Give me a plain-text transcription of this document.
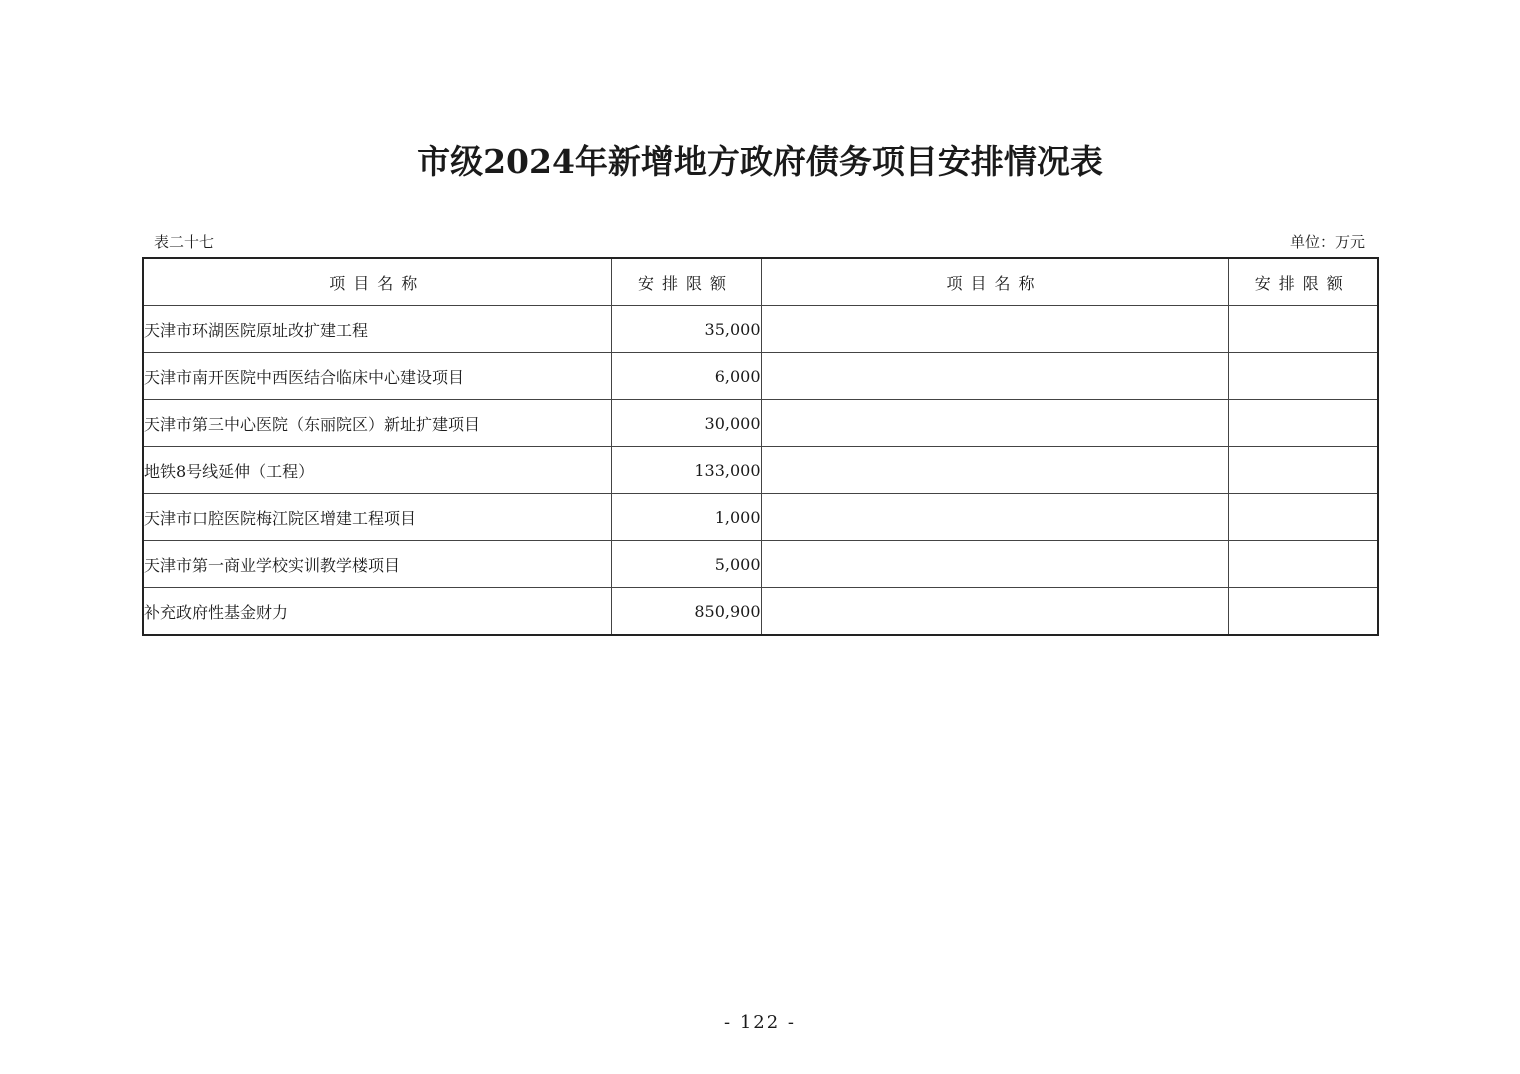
市级2024年新增地方政府债务项目安排情况表
表二十七	单位：万元
项目名称	安排限额	项目名称	安排限额
天津市环湖医院原址改扩建工程	35,000		
天津市南开医院中西医结合临床中心建设项目	6,000		
天津市第三中心医院（东丽院区）新址扩建项目	30,000		
地铁8号线延伸（工程）	133,000		
天津市口腔医院梅江院区增建工程项目	1,000		
天津市第一商业学校实训教学楼项目	5,000		
补充政府性基金财力	850,900		
- 122 -
